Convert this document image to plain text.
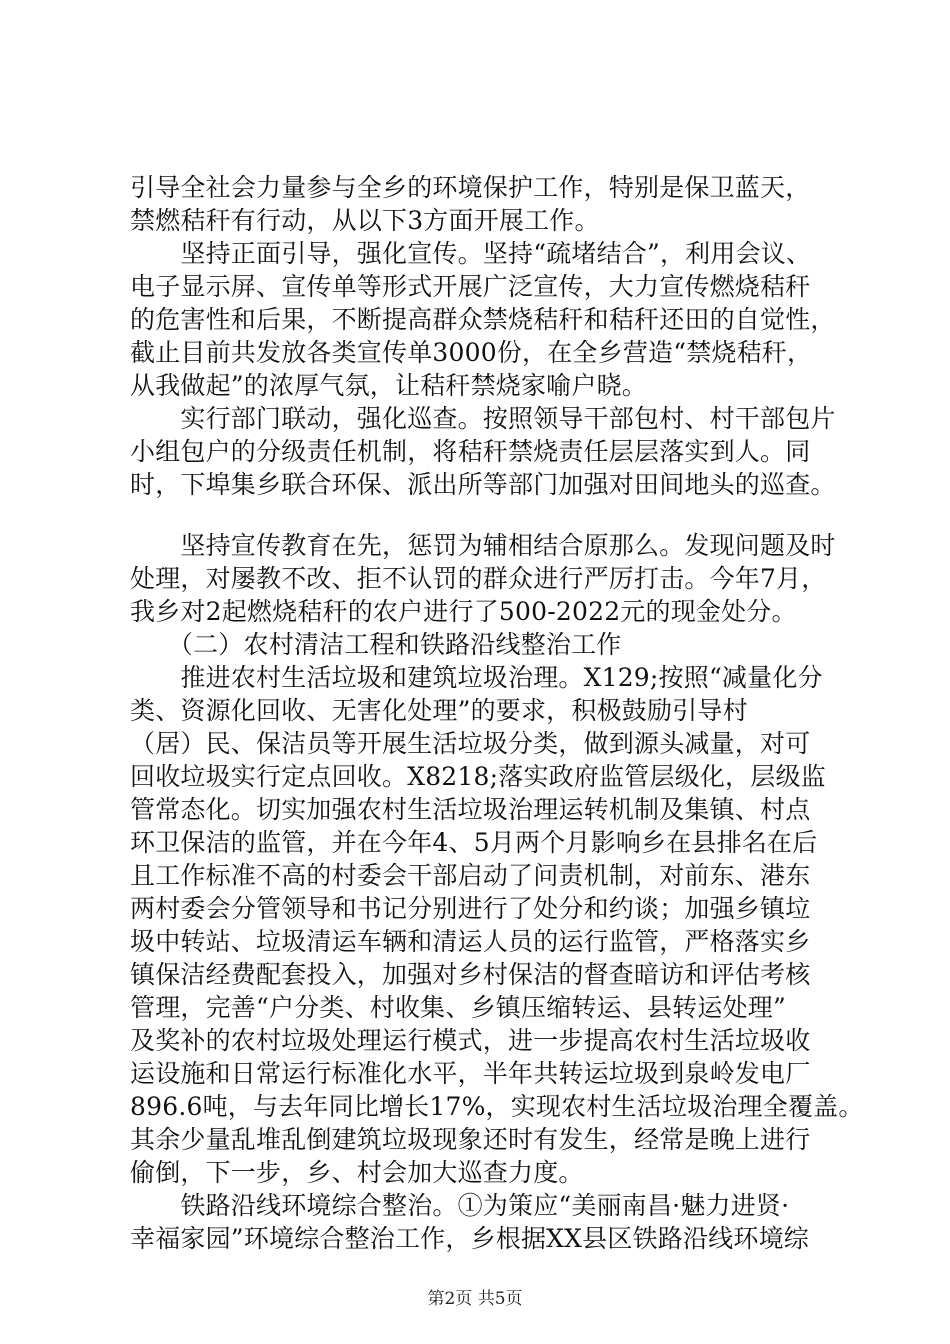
引导全社会力量参与全乡的环境保护工作，特别是保卫蓝天，
禁燃秸秆有行动，从以下3方面开展工作。
　　坚持正面引导，强化宣传。坚持“疏堵结合”，利用会议、
电子显示屏、宣传单等形式开展广泛宣传，大力宣传燃烧秸秆
的危害性和后果，不断提高群众禁烧秸秆和秸秆还田的自觉性，
截止目前共发放各类宣传单3000份，在全乡营造“禁烧秸秆，
从我做起”的浓厚气氛，让秸秆禁烧家喻户晓。
　　实行部门联动，强化巡查。按照领导干部包村、村干部包片
小组包户的分级责任机制，将秸秆禁烧责任层层落实到人。同
时，下埠集乡联合环保、派出所等部门加强对田间地头的巡查。
　　坚持宣传教育在先，惩罚为辅相结合原那么。发现问题及时
处理，对屡教不改、拒不认罚的群众进行严厉打击。今年7月，
我乡对2起燃烧秸秆的农户进行了500-2022元的现金处分。
　　（二）农村清洁工程和铁路沿线整治工作
　　推进农村生活垃圾和建筑垃圾治理。X129;按照“减量化分
类、资源化回收、无害化处理”的要求，积极鼓励引导村
（居）民、保洁员等开展生活垃圾分类，做到源头减量，对可
回收垃圾实行定点回收。X8218;落实政府监管层级化，层级监
管常态化。切实加强农村生活垃圾治理运转机制及集镇、村点
环卫保洁的监管，并在今年4、5月两个月影响乡在县排名在后
且工作标准不高的村委会干部启动了问责机制，对前东、港东
两村委会分管领导和书记分别进行了处分和约谈；加强乡镇垃
圾中转站、垃圾清运车辆和清运人员的运行监管，严格落实乡
镇保洁经费配套投入，加强对乡村保洁的督查暗访和评估考核
管理，完善“户分类、村收集、乡镇压缩转运、县转运处理”
及奖补的农村垃圾处理运行模式，进一步提高农村生活垃圾收
运设施和日常运行标准化水平，半年共转运垃圾到泉岭发电厂
896.6吨，与去年同比增长17%，实现农村生活垃圾治理全覆盖。
其余少量乱堆乱倒建筑垃圾现象还时有发生，经常是晚上进行
偷倒，下一步，乡、村会加大巡查力度。
　　铁路沿线环境综合整治。①为策应“美丽南昌·魅力进贤·
幸福家园”环境综合整治工作，乡根据XX县区铁路沿线环境综
第2页 共5页
